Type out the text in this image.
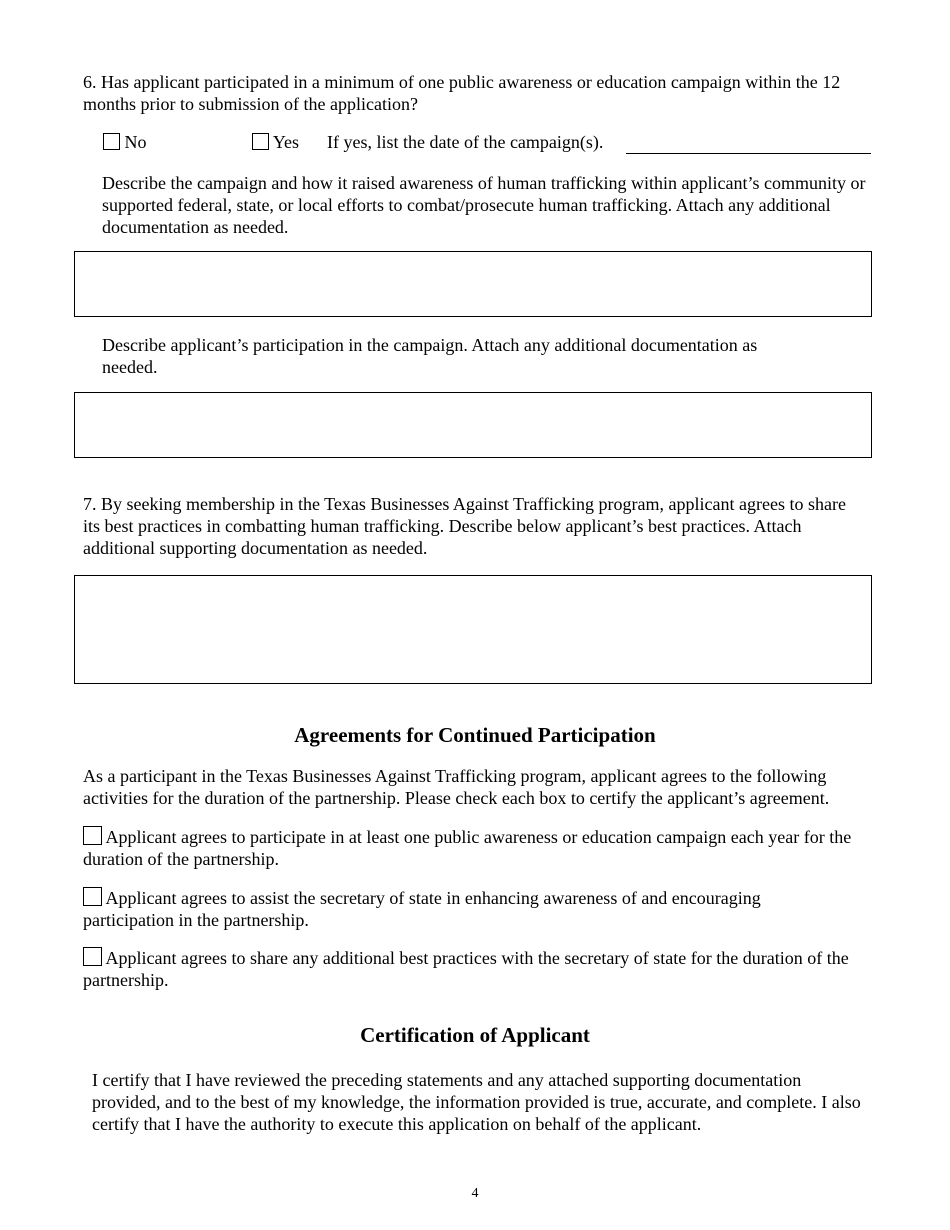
6. Has applicant participated in a minimum of one public awareness or education campaign within the 12 months prior to submission of the application?

No	Yes If yes, list the date of the campaign(s).

Describe the campaign and how it raised awareness of human trafficking within applicant’s community or supported federal, state, or local efforts to combat/prosecute human trafficking. Attach any additional documentation as needed.

Describe applicant’s participation in the campaign. Attach any additional documentation as needed.

7. By seeking membership in the Texas Businesses Against Trafficking program, applicant agrees to share its best practices in combatting human trafficking. Describe below applicant’s best practices. Attach additional supporting documentation as needed.

Agreements for Continued Participation

As a participant in the Texas Businesses Against Trafficking program, applicant agrees to the following activities for the duration of the partnership. Please check each box to certify the applicant’s agreement.

Applicant agrees to participate in at least one public awareness or education campaign each year for the duration of the partnership.
Applicant agrees to assist the secretary of state in enhancing awareness of and encouraging participation in the partnership.
Applicant agrees to share any additional best practices with the secretary of state for the duration of the partnership.
Certification of Applicant

I certify that I have reviewed the preceding statements and any attached supporting documentation provided, and to the best of my knowledge, the information provided is true, accurate, and complete. I also certify that I have the authority to execute this application on behalf of the applicant.

4
